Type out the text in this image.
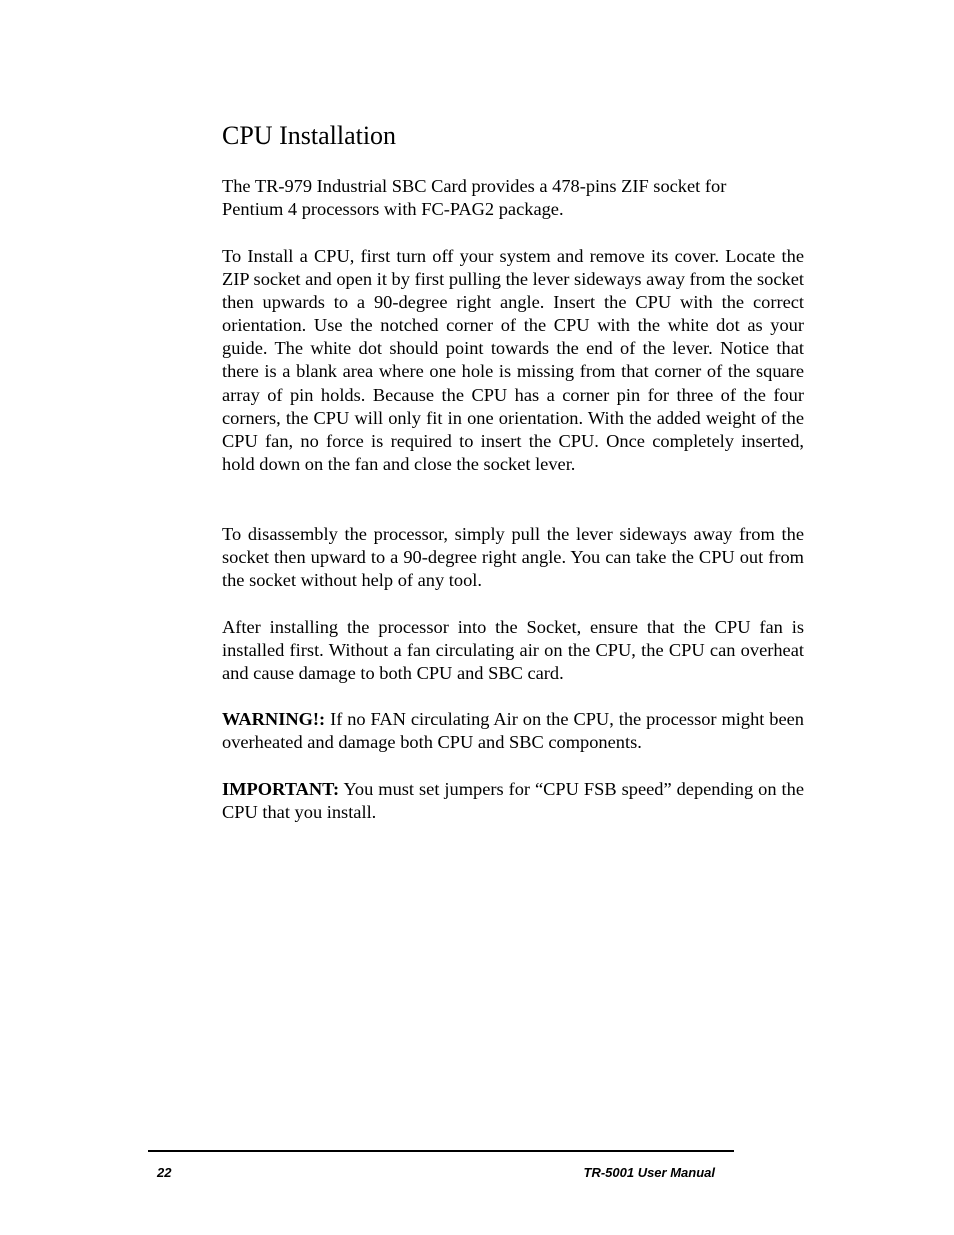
CPU Installation

The TR-979 Industrial SBC Card provides a 478-pins ZIF socket for Pentium 4 processors with FC-PAG2 package.

To Install a CPU, first turn off your system and remove its cover. Locate the ZIP socket and open it by first pulling the lever sideways away from the socket then upwards to a 90-degree right angle. Insert the CPU with the correct orientation. Use the notched corner of the CPU with the white dot as your guide. The white dot should point towards the end of the lever. Notice that there is a blank area where one hole is missing from that corner of the square array of pin holds. Because the CPU has a corner pin for three of the four corners, the CPU will only fit in one orientation. With the added weight of the CPU fan, no force is required to insert the CPU. Once completely inserted, hold down on the fan and close the socket lever.

To disassembly the processor, simply pull the lever sideways away from the socket then upward to a 90-degree right angle. You can take the CPU out from the socket without help of any tool.

After installing the processor into the Socket, ensure that the CPU fan is installed first. Without a fan circulating air on the CPU, the CPU can overheat and cause damage to both CPU and SBC card.

WARNING!: If no FAN circulating Air on the CPU, the processor might been overheated and damage both CPU and SBC components.

IMPORTANT: You must set jumpers for “CPU FSB speed” depending on the CPU that you install.

22	TR-5001 User Manual
